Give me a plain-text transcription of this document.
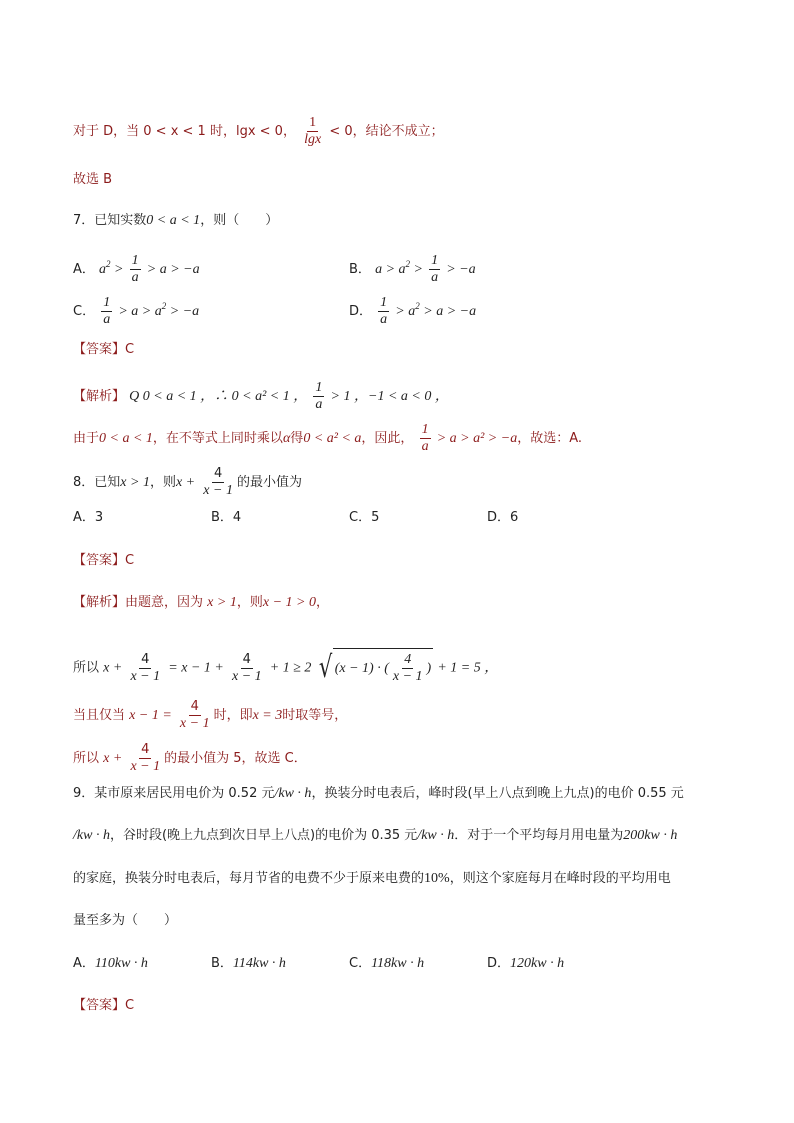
对于 D，当 0 < x < 1 时，lgx < 0， $\frac{1}{\lg x} < 0$，结论不成立；
故选 B
7．已知实数0 < a < 1，则（　　）
A． $a^2 > \frac{1}{a} > a > -a$	B． $a > a^2 > \frac{1}{a} > -a$
C． $\frac{1}{a} > a > a^2 > -a$	D． $\frac{1}{a} > a^2 > a > -a$
【答案】C
【解析】 Q 0 < a < 1 ，∴ 0 < a² < 1 ， $\frac{1}{a} > 1$ ，−1 < a < 0 ，
由于0 < a < 1，在不等式上同时乘以α得0 < a² < a，因此， $\frac{1}{a} > a > a^2 > -a$，故选：A.
8．已知x > 1，则$x + \frac{4}{x - 1}$ 的最小值为
A．3	B．4	C．5	D．6
【答案】C
【解析】由题意，因为 x > 1，则x − 1 > 0，
所以 $x + \frac{4}{x - 1} = x - 1 + \frac{4}{x - 1} + 1 \ge 2$ √ (x − 1) · ( $\frac{4}{x - 1}$ ) + 1 = 5 ，
当且仅当 $x - 1 = \frac{4}{x - 1}$ 时，即x = 3时取等号，
所以 $x + \frac{4}{x - 1}$ 的最小值为 5，故选 C．
9．某市原来居民用电价为 0.52 元/kw · h，换装分时电表后，峰时段(早上八点到晚上九点)的电价 0.55 元
/kw · h，谷时段(晚上九点到次日早上八点)的电价为 0.35 元/kw · h．对于一个平均每月用电量为200kw · h
的家庭，换装分时电表后，每月节省的电费不少于原来电费的10%，则这个家庭每月在峰时段的平均用电
量至多为（　　）
A．110kw · h	B．114kw · h	C．118kw · h	D．120kw · h
【答案】C
